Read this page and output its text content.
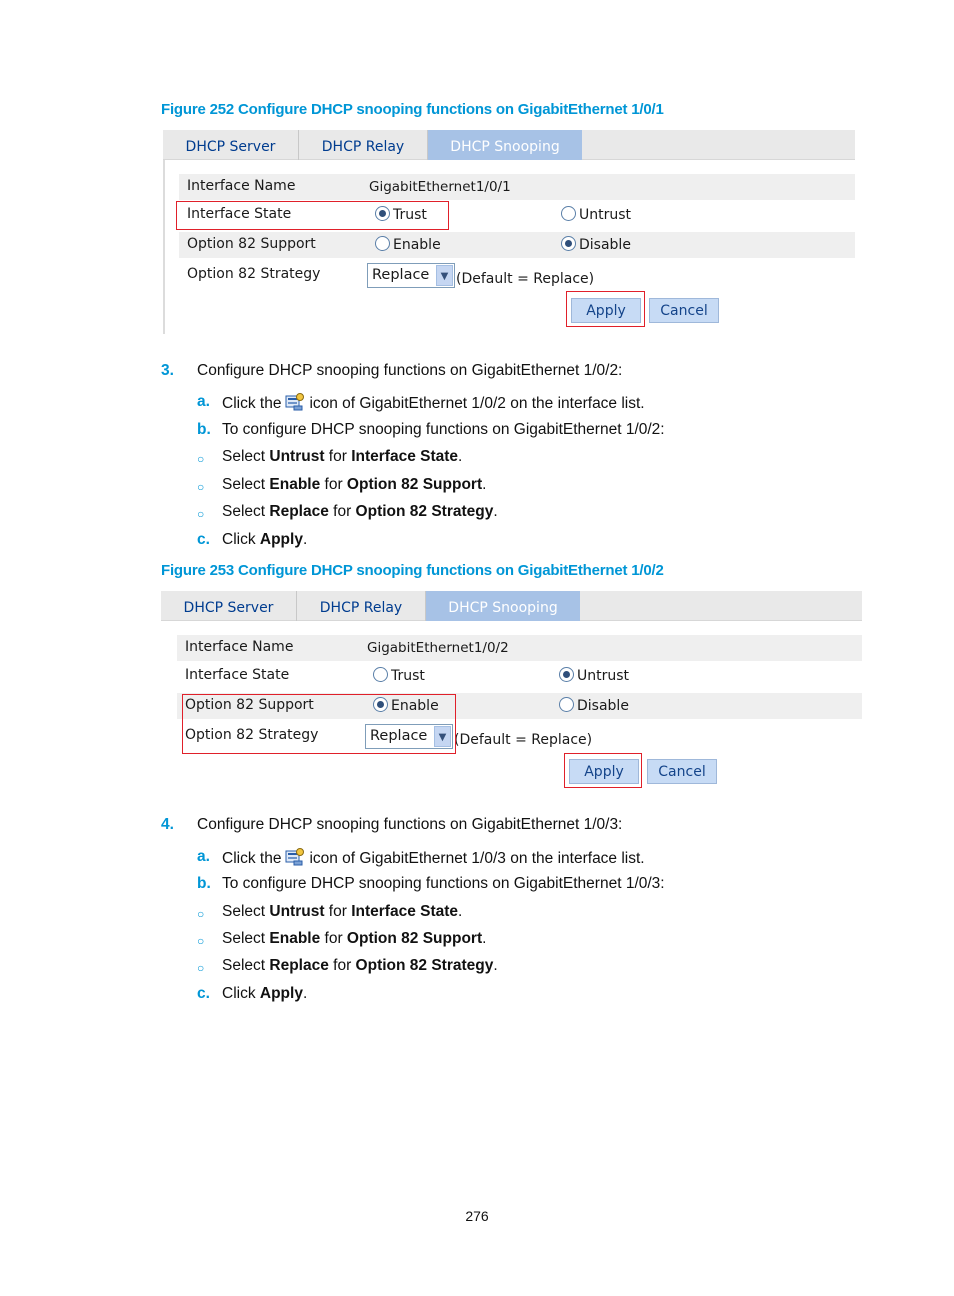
Figure 252 Configure DHCP snooping functions on GigabitEthernet 1/0/1
DHCP Server	DHCP Relay	DHCP Snooping
Interface Name	GigabitEthernet1/0/1
Interface State	Trust	Untrust
Option 82 Support	Enable	Disable
Option 82 Strategy	Replace	▼ (Default = Replace)
Apply	Cancel
3. Configure DHCP snooping functions on GigabitEthernet 1/0/2:
a. Click the icon of GigabitEthernet 1/0/2 on the interface list.
b. To configure DHCP snooping functions on GigabitEthernet 1/0/2:
○ Select Untrust for Interface State.
○ Select Enable for Option 82 Support.
○ Select Replace for Option 82 Strategy.
c. Click Apply.
Figure 253 Configure DHCP snooping functions on GigabitEthernet 1/0/2
DHCP Server	DHCP Relay	DHCP Snooping
Interface Name	GigabitEthernet1/0/2
Interface State	Trust	Untrust
Option 82 Support	Enable	Disable
Option 82 Strategy	Replace	▼ (Default = Replace)
Apply	Cancel
4. Configure DHCP snooping functions on GigabitEthernet 1/0/3:
a. Click the icon of GigabitEthernet 1/0/3 on the interface list.
b. To configure DHCP snooping functions on GigabitEthernet 1/0/3:
○ Select Untrust for Interface State.
○ Select Enable for Option 82 Support.
○ Select Replace for Option 82 Strategy.
c. Click Apply.
276
